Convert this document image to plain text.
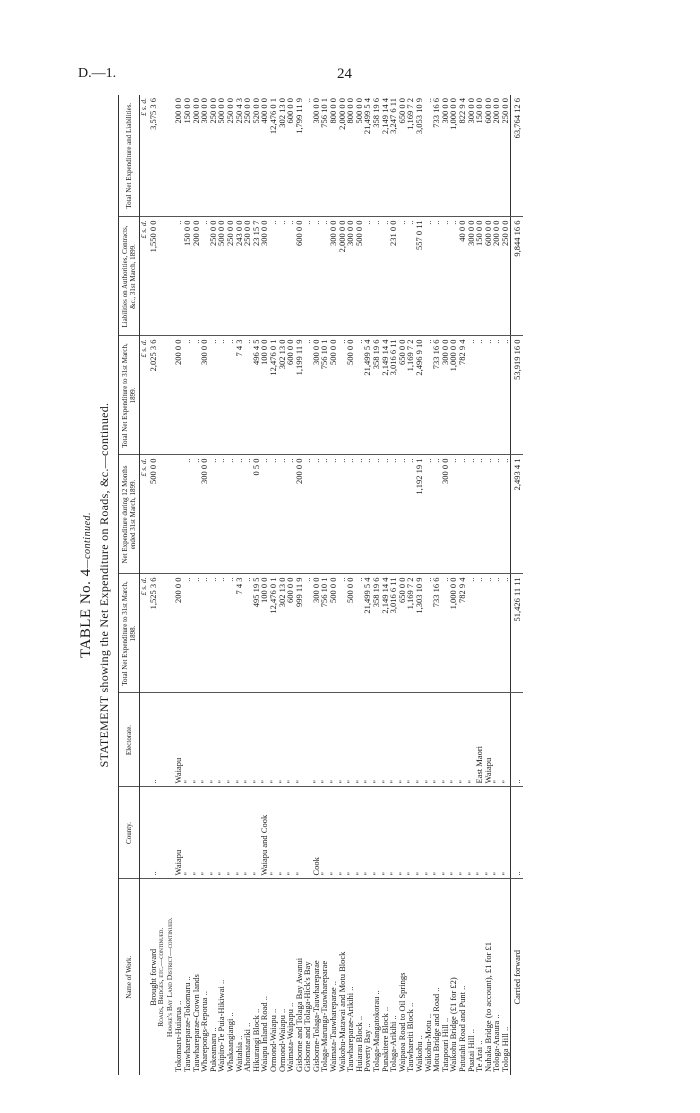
D.—1.	24
TABLE No. 4—continued. STATEMENT showing the Net Expenditure on Roads, &c.—continued.
Name of Work.	County.	Electorate.	Total Net Expenditure to 31st March, 1898.	Net Expenditure during 12 Months ended 31st March, 1899.	Total Net Expenditure to 31st March, 1899.	Liabilities on Authorities, Contracts, &c., 31st March, 1899.	Total Net Expenditure and Liabilities.
			£ s. d.	£ s. d.	£ s. d.	£ s. d.	£ s. d.
Brought forward	..	..	1,525 3 6	500 0 0	2,025 3 6	1,550 0 0	3,575 3 6
Roads, Bridges, etc.—continued.							
Hawke's Bay Land District—continued.							
Tokomaru-Huiarua ..	Waiapu	Waiapu	200 0 0		200 0 0	..	200 0 0
Tauwhareparae-Tokomaru ..	"	"	..	..	..	150 0 0	150 0 0
Tauwhareparae-Crown lands	"	"	..	..	..	200 0 0	200 0 0
Wharepongs-Reporua ..	"	"	..	300 0 0	300 0 0	..	300 0 0
Pukeamaru ..	"	"	..	..	..	250 0 0	250 0 0
Waipiro-Te Puia-Hikiwai ..	"	"	..	..	..	500 0 0	500 0 0
Whakaangiangi ..	"	"	..	..	..	250 0 0	250 0 0
Waitahia ..	"	"	7 4 3	..	7 4 3	243 0 0	250 4 3
Ahomatariki ..	"	"	..	..	..	250 0 0	250 0 0
Hikurangi Block ..	"	"	495 19 5	0 5 0	496 4 5	23 15 7	520 0 0
Waiapu Inland Road ..	Waiapu and Cook	"	100 0 0	..	100 0 0	300 0 0	400 0 0
Ormond-Waiapu ..	"	"	12,476 0 1	..	12,476 0 1	..	12,476 0 1
Ormond-Waiapu ..	"	"	302 13 0	..	302 13 0	..	302 13 0
Waimata-Waipapu ..	"	"	600 0 0	..	600 0 0	..	600 0 0
Gisborne and Tolaga Bay Awanui	"	"	999 11 9	200 0 0	1,199 11 9	600 0 0	1,799 11 9
Gisborne and Tolaga-Hick's Bay			..	..	..	..	..
Gisborne-Tolaga-Tauwhareparae	Cook	"	300 0 0	..	300 0 0	..	300 0 0
Tolaga-Marunga-Tauwhareparae	"	"	756 10 1	..	756 10 1	..	756 10 1
Waimata-Tauwhareparae ..	"	"	500 0 0	..	500 0 0	300 0 0	800 0 0
Waikohu-Matawai and Motu Block	"	"	..	..	..	2,000 0 0	2,000 0 0
Tauwhareparae-Arikihi ..	"	"	500 0 0	..	500 0 0	300 0 0	800 0 0
Huiarau Block ..	"	"	..	..	..	500 0 0	500 0 0
Poverty Bay ..	"	"	21,499 5 4	..	21,499 5 4	..	21,499 5 4
Tolaga-Mangatokorau ..	"	"	358 19 6	..	358 19 6	..	358 19 6
Punakitere Block ..	"	"	2,149 14 4	..	2,149 14 4	..	2,149 14 4
Tolaga-Arikihi ..	"	"	3,016 6 11	..	3,016 6 11	231 0 0	3,247 6 11
Waipaoa Road to Oil Springs	"	"	650 0 0	..	650 0 0	..	650 0 0
Tauwhareiti Block ..	"	"	1,169 7 2	..	1,169 7 2	..	1,169 7 2
Waikohu ..	"	"	1,303 10 9	1,192 19 1	2,496 9 10	557 0 11	3,053 10 9
Waikohu-Motu ..	"	"	..	..	..	..	..
Motu Bridge and Road ..	"	"	733 16 6	..	733 16 6	..	733 16 6
Tatapouri Hill ..	"	"	..	300 0 0	300 0 0	..	300 0 0
Waikohu Bridge (£1 for £2)	"	"	1,000 0 0	..	1,000 0 0	..	1,000 0 0
Patutahi Road and Punt ..	"	"	782 9 4	..	782 9 4	40 0 0	822 9 4
Puatai Hill ..	"	"	..	..	..	300 0 0	300 0 0
Te Arai ..	"	East Maori	..	..	..	150 0 0	150 0 0
Nuhaka Bridge (to account), £1 for £1	"	Waiapu	..	..	..	600 0 0	600 0 0
Tologa-Anaura ..	"	"	..	..	..	200 0 0	200 0 0
Tologa Hill ..	"	"	..	..	..	250 0 0	250 0 0
Carried forward	..	..	51,426 11 11	2,493 4 1	53,919 16 0	9,844 16 6	63,764 12 6
